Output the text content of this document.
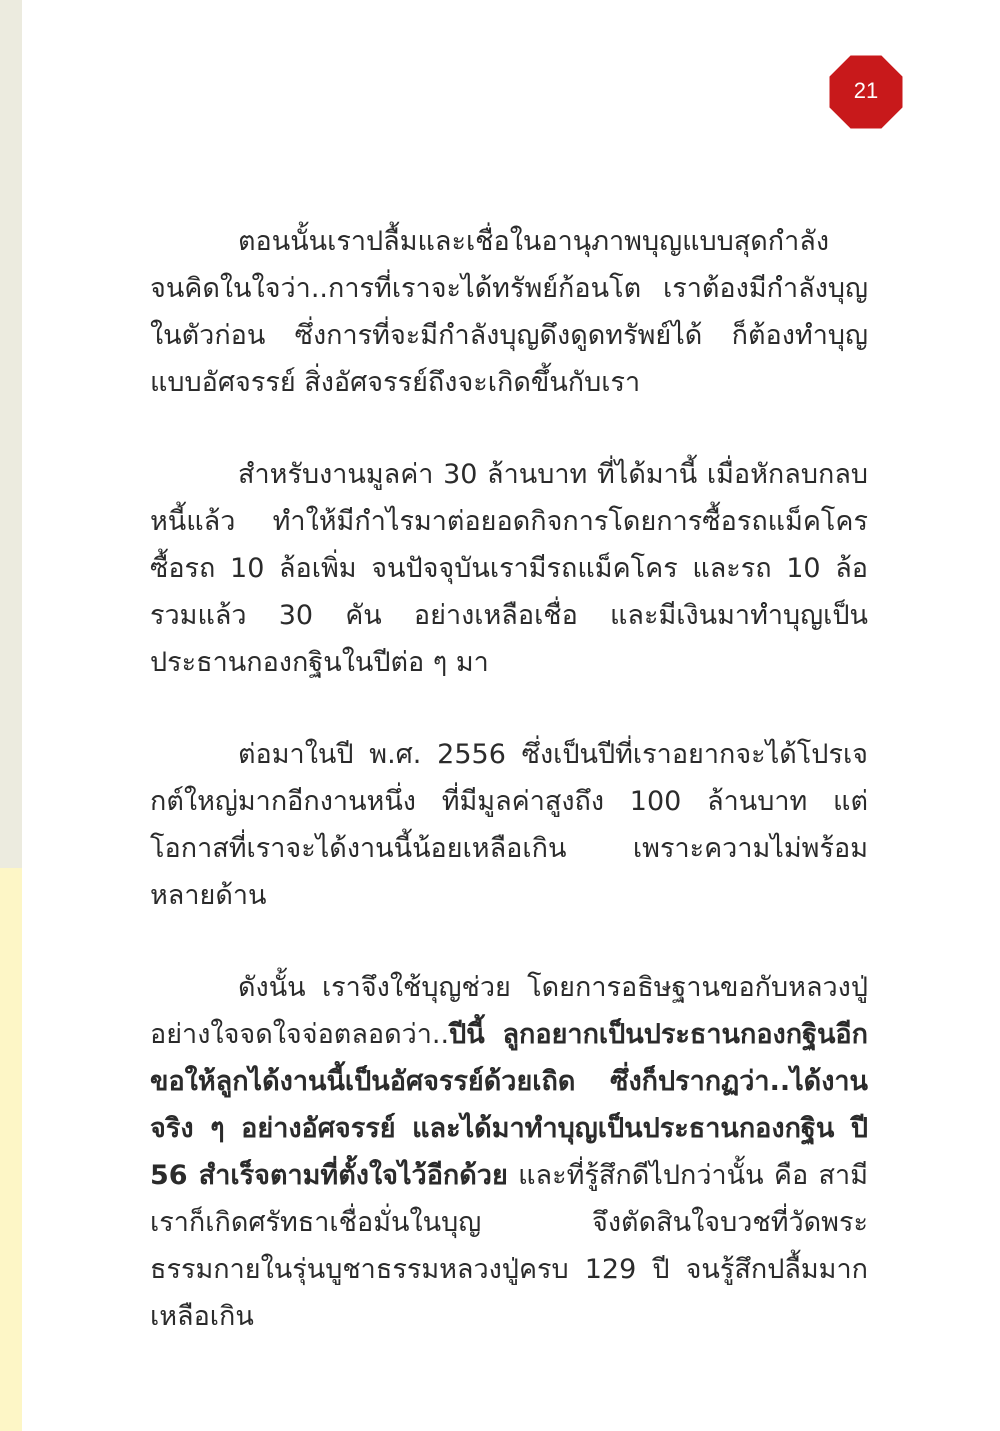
21

ตอนนั้นเราปลื้มและเชื่อในอานุภาพบุญแบบสุดกำลัง จนคิดในใจว่า..การที่เราจะได้ทรัพย์ก้อนโต เราต้องมีกำลังบุญในตัวก่อน ซึ่งการที่จะมีกำลังบุญดึงดูดทรัพย์ได้ ก็ต้องทำบุญแบบอัศจรรย์ สิ่งอัศจรรย์ถึงจะเกิดขึ้นกับเรา

สำหรับงานมูลค่า 30 ล้านบาท ที่ได้มานี้ เมื่อหักลบกลบหนี้แล้ว ทำให้มีกำไรมาต่อยอดกิจการโดยการซื้อรถแม็คโคร ซื้อรถ 10 ล้อเพิ่ม จนปัจจุบันเรามีรถแม็คโคร และรถ 10 ล้อ รวมแล้ว 30 คัน อย่างเหลือเชื่อ และมีเงินมาทำบุญเป็นประธานกองกฐินในปีต่อ ๆ มา

ต่อมาในปี พ.ศ. 2556 ซึ่งเป็นปีที่เราอยากจะได้โปรเจกต์ใหญ่มากอีกงานหนึ่ง ที่มีมูลค่าสูงถึง 100 ล้านบาท แต่โอกาสที่เราจะได้งานนี้น้อยเหลือเกิน เพราะความไม่พร้อมหลายด้าน

ดังนั้น เราจึงใช้บุญช่วย โดยการอธิษฐานขอกับหลวงปู่อย่างใจจดใจจ่อตลอดว่า..ปีนี้ ลูกอยากเป็นประธานกองกฐินอีก ขอให้ลูกได้งานนี้เป็นอัศจรรย์ด้วยเถิด ซึ่งก็ปรากฏว่า..ได้งานจริง ๆ อย่างอัศจรรย์ และได้มาทำบุญเป็นประธานกองกฐิน ปี 56 สำเร็จตามที่ตั้งใจไว้อีกด้วย และที่รู้สึกดีไปกว่านั้น คือ สามีเราก็เกิดศรัทธาเชื่อมั่นในบุญ จึงตัดสินใจบวชที่วัดพระธรรมกายในรุ่นบูชาธรรมหลวงปู่ครบ 129 ปี จนรู้สึกปลื้มมากเหลือเกิน
